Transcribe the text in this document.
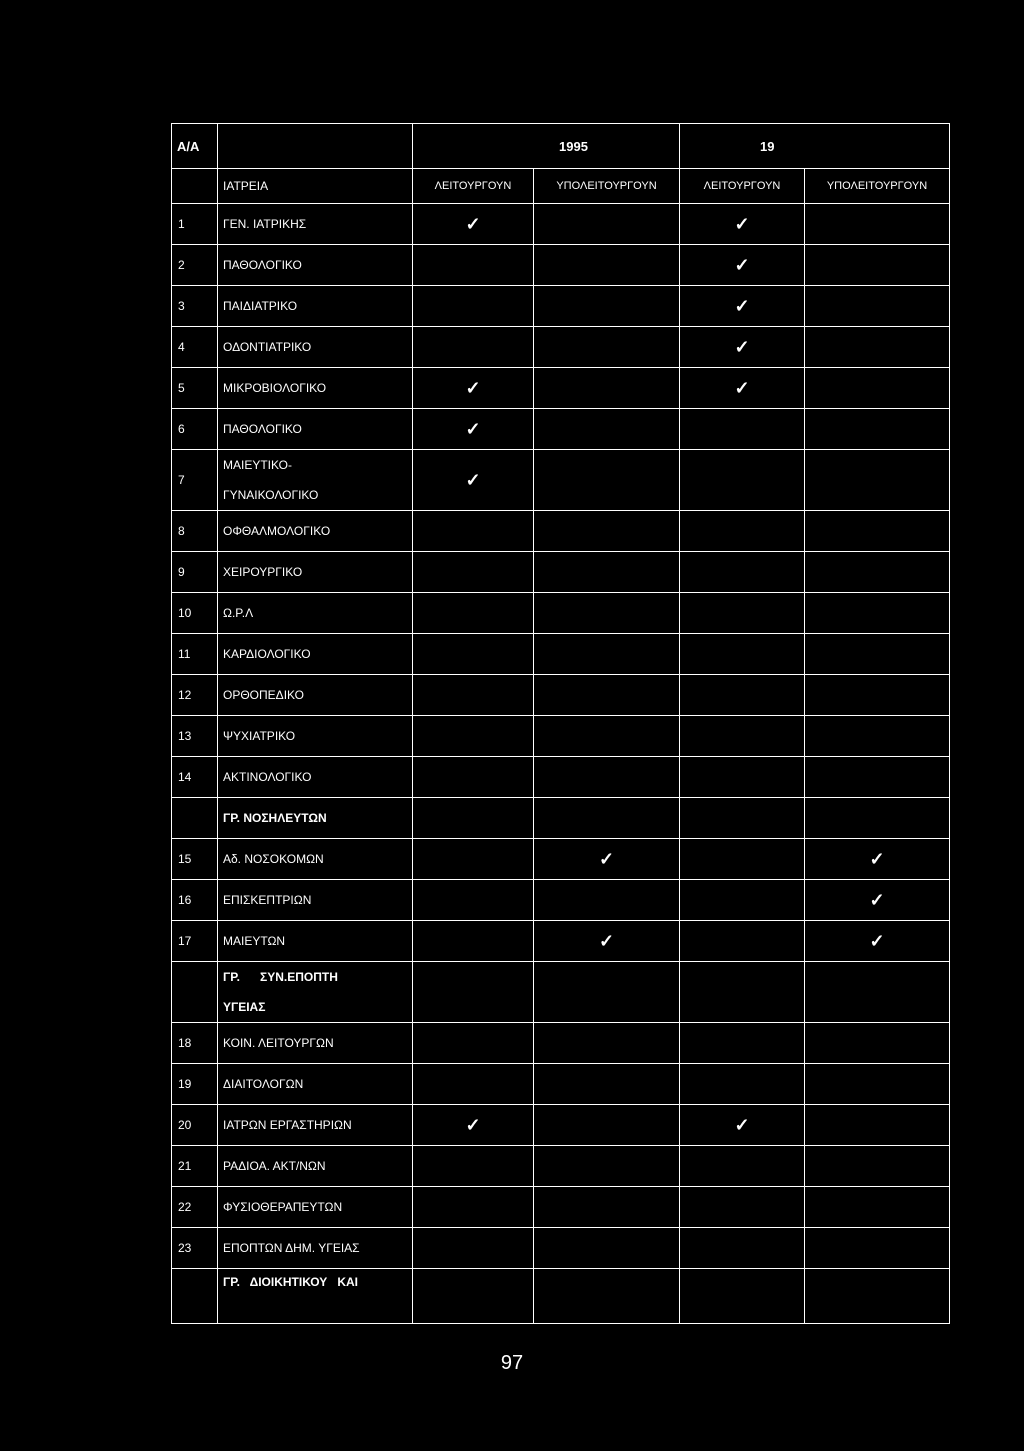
Α/Α		1995		19	
	ΙΑΤΡΕΙΑ	ΛΕΙΤΟΥΡΓΟΥΝ	ΥΠΟΛΕΙΤΟΥΡΓΟΥΝ	ΛΕΙΤΟΥΡΓΟΥΝ	ΥΠΟΛΕΙΤΟΥΡΓΟΥΝ
1	ΓΕΝ. ΙΑΤΡΙΚΗΣ	✓		✓	
2	ΠΑΘΟΛΟΓΙΚΟ			✓	
3	ΠΑΙΔΙΑΤΡΙΚΟ			✓	
4	ΟΔΟΝΤΙΑΤΡΙΚΟ			✓	
5	ΜΙΚΡΟΒΙΟΛΟΓΙΚΟ	✓		✓	
6	ΠΑΘΟΛΟΓΙΚΟ	✓			
7	ΜΑΙΕΥΤΙΚΟ-
ΓΥΝΑΙΚΟΛΟΓΙΚΟ	✓			
8	ΟΦΘΑΛΜΟΛΟΓΙΚΟ				
9	ΧΕΙΡΟΥΡΓΙΚΟ				
10	Ω.Ρ.Λ				
11	ΚΑΡΔΙΟΛΟΓΙΚΟ				
12	ΟΡΘΟΠΕΔΙΚΟ				
13	ΨΥΧΙΑΤΡΙΚΟ				
14	ΑΚΤΙΝΟΛΟΓΙΚΟ				
	ΓΡ. ΝΟΣΗΛΕΥΤΩΝ				
15	Αδ. ΝΟΣΟΚΟΜΩΝ		✓		✓
16	ΕΠΙΣΚΕΠΤΡΙΩΝ				✓
17	ΜΑΙΕΥΤΩΝ		✓		✓

	ΓΡ.      ΣΥΝ.ΕΠΟΠΤΗ
ΥΓΕΙΑΣ				

18	ΚΟΙΝ. ΛΕΙΤΟΥΡΓΩΝ				
19	ΔΙΑΙΤΟΛΟΓΩΝ				
20	ΙΑΤΡΩΝ ΕΡΓΑΣΤΗΡΙΩΝ	✓		✓	
21	ΡΑΔΙΟΑ. ΑΚΤ/ΝΩΝ				
22	ΦΥΣΙΟΘΕΡΑΠΕΥΤΩΝ				
23	ΕΠΟΠΤΩΝ ΔΗΜ. ΥΓΕΙΑΣ				
	ΓΡ.   ΔΙΟΙΚΗΤΙΚΟΥ   ΚΑΙ				
97
